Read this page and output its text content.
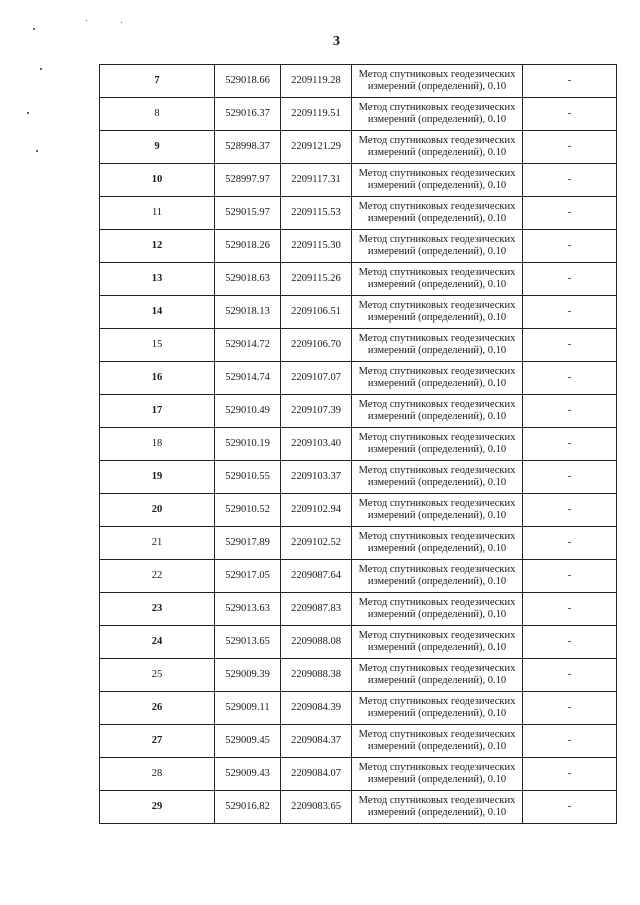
3
7	529018.66	2209119.28	Метод спутниковых геодезических
измерений (определений), 0.10	-
8	529016.37	2209119.51	Метод спутниковых геодезических
измерений (определений), 0.10	-
9	528998.37	2209121.29	Метод спутниковых геодезических
измерений (определений), 0.10	-
10	528997.97	2209117.31	Метод спутниковых геодезических
измерений (определений), 0.10	-
11	529015.97	2209115.53	Метод спутниковых геодезических
измерений (определений), 0.10	-
12	529018.26	2209115.30	Метод спутниковых геодезических
измерений (определений), 0.10	-
13	529018.63	2209115.26	Метод спутниковых геодезических
измерений (определений), 0.10	-
14	529018.13	2209106.51	Метод спутниковых геодезических
измерений (определений), 0.10	-
15	529014.72	2209106.70	Метод спутниковых геодезических
измерений (определений), 0.10	-
16	529014.74	2209107.07	Метод спутниковых геодезических
измерений (определений), 0.10	-
17	529010.49	2209107.39	Метод спутниковых геодезических
измерений (определений), 0.10	-
18	529010.19	2209103.40	Метод спутниковых геодезических
измерений (определений), 0.10	-
19	529010.55	2209103.37	Метод спутниковых геодезических
измерений (определений), 0.10	-
20	529010.52	2209102.94	Метод спутниковых геодезических
измерений (определений), 0.10	-
21	529017.89	2209102.52	Метод спутниковых геодезических
измерений (определений), 0.10	-
22	529017.05	2209087.64	Метод спутниковых геодезических
измерений (определений), 0.10	-
23	529013.63	2209087.83	Метод спутниковых геодезических
измерений (определений), 0.10	-
24	529013.65	2209088.08	Метод спутниковых геодезических
измерений (определений), 0.10	-
25	529009.39	2209088.38	Метод спутниковых геодезических
измерений (определений), 0.10	-
26	529009.11	2209084.39	Метод спутниковых геодезических
измерений (определений), 0.10	-
27	529009.45	2209084.37	Метод спутниковых геодезических
измерений (определений), 0.10	-
28	529009.43	2209084.07	Метод спутниковых геодезических
измерений (определений), 0.10	-
29	529016.82	2209083.65	Метод спутниковых геодезических
измерений (определений), 0.10	-
